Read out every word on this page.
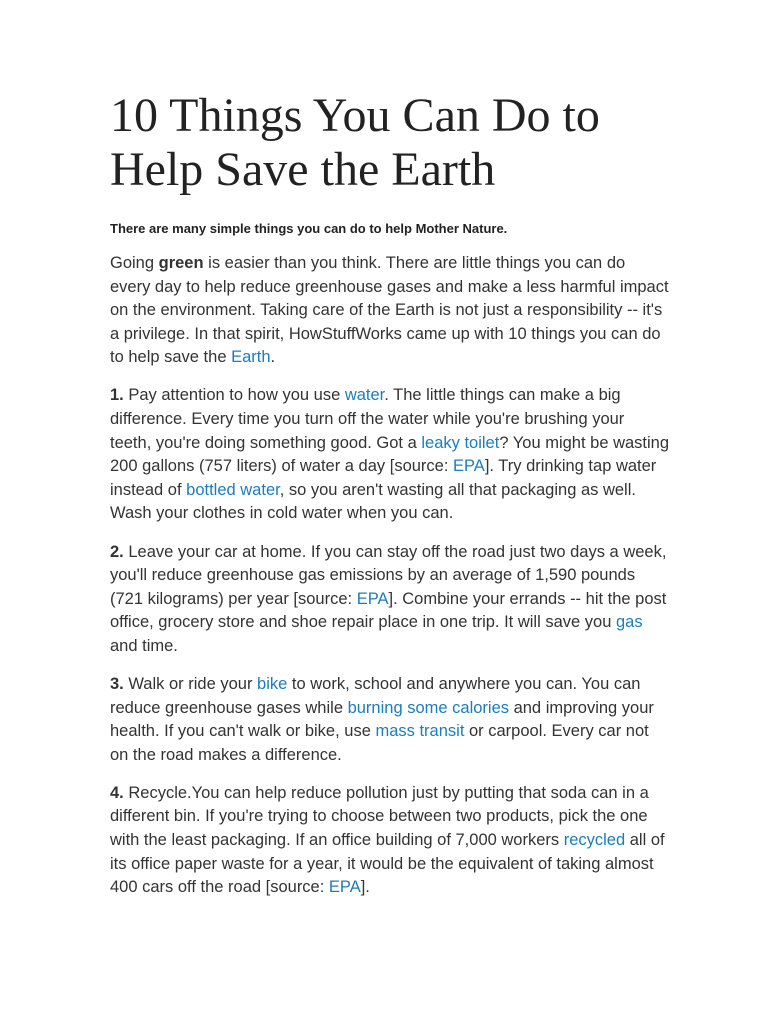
10 Things You Can Do to Help Save the Earth

There are many simple things you can do to help Mother Nature.

Going green is easier than you think. There are little things you can do every day to help reduce greenhouse gases and make a less harmful impact on the environment. Taking care of the Earth is not just a responsibility -- it's a privilege. In that spirit, HowStuffWorks came up with 10 things you can do to help save the Earth.

1. Pay attention to how you use water. The little things can make a big difference. Every time you turn off the water while you're brushing your teeth, you're doing something good. Got a leaky toilet? You might be wasting 200 gallons (757 liters) of water a day [source: EPA]. Try drinking tap water instead of bottled water, so you aren't wasting all that packaging as well. Wash your clothes in cold water when you can.

2. Leave your car at home. If you can stay off the road just two days a week, you'll reduce greenhouse gas emissions by an average of 1,590 pounds (721 kilograms) per year [source: EPA]. Combine your errands -- hit the post office, grocery store and shoe repair place in one trip. It will save you gas and time.

3. Walk or ride your bike to work, school and anywhere you can. You can reduce greenhouse gases while burning some calories and improving your health. If you can't walk or bike, use mass transit or carpool. Every car not on the road makes a difference.

4. Recycle.You can help reduce pollution just by putting that soda can in a different bin. If you're trying to choose between two products, pick the one with the least packaging. If an office building of 7,000 workers recycled all of its office paper waste for a year, it would be the equivalent of taking almost 400 cars off the road [source: EPA].
